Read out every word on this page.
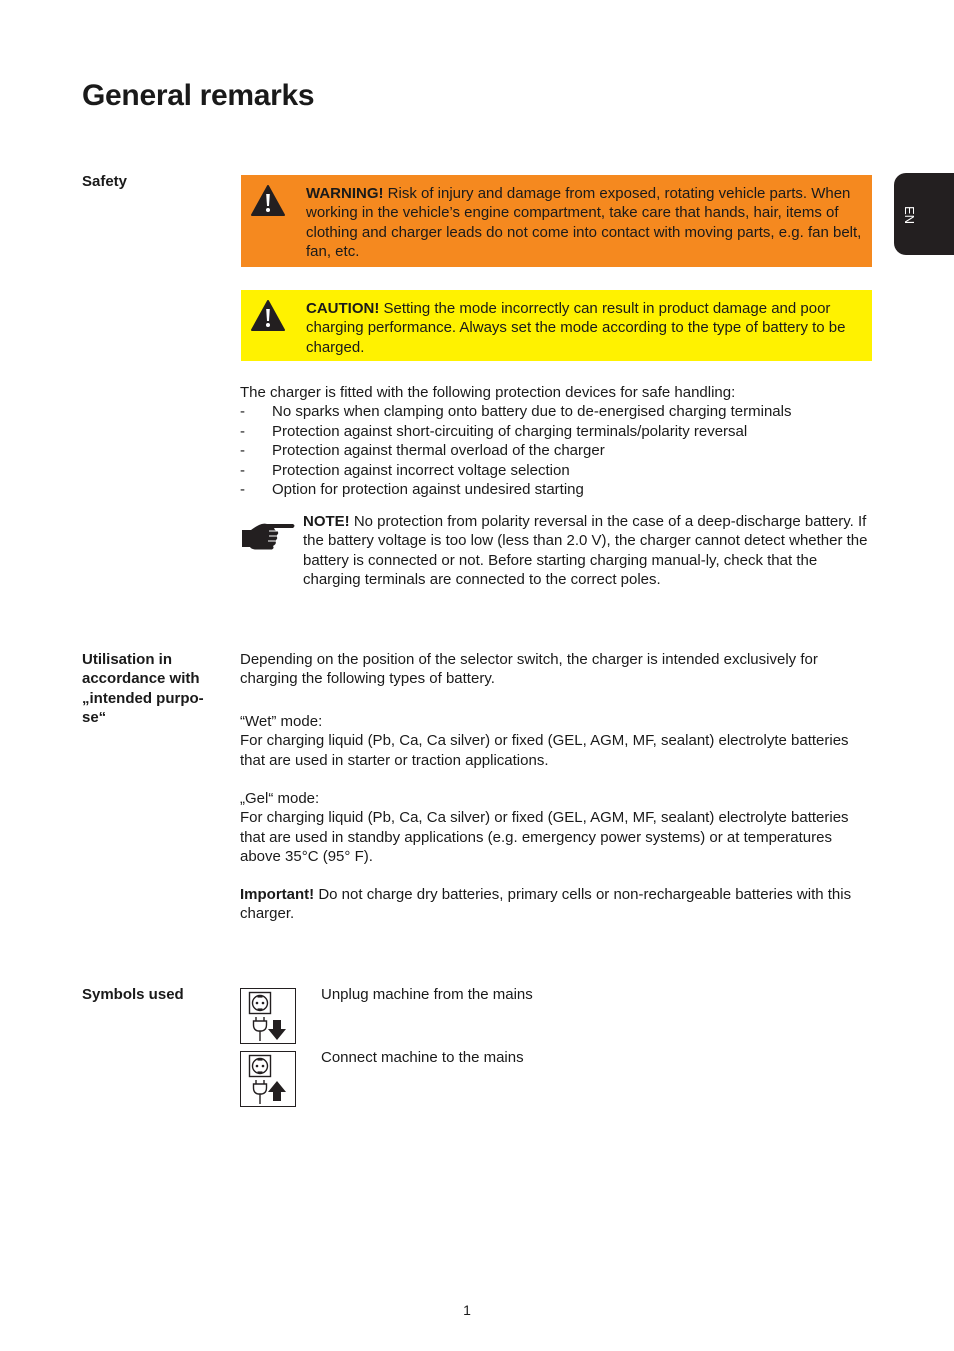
General remarks
EN

Safety

WARNING! Risk of injury and damage from exposed, rotating vehicle parts. When working in the vehicle’s engine compartment, take care that hands, hair, items of clothing and charger leads do not come into contact with moving parts, e.g. fan belt, fan, etc.
CAUTION! Setting the mode incorrectly can result in product damage and poor charging performance. Always set the mode according to the type of battery to be charged.

The charger is fitted with the following protection devices for safe handling:

- No sparks when clamping onto battery due to de-energised charging terminals
- Protection against short-circuiting of charging terminals/polarity reversal
- Protection against thermal overload of the charger
- Protection against incorrect voltage selection
- Option for protection against undesired starting

NOTE! No protection from polarity reversal in the case of a deep-discharge battery. If the battery voltage is too low (less than 2.0 V), the charger cannot detect whether the battery is connected or not. Before starting charging manual-ly, check that the charging terminals are connected to the correct poles.

Utilisation in accordance with „intended purpo-se“

Depending on the position of the selector switch, the charger is intended exclusively for charging the following types of battery.

“Wet” mode:
For charging liquid (Pb, Ca, Ca silver) or fixed (GEL, AGM, MF, sealant) electrolyte batteries that are used in starter or traction applications.
„Gel“ mode:
For charging liquid (Pb, Ca, Ca silver) or fixed (GEL, AGM, MF, sealant) electrolyte batteries that are used in standby applications (e.g. emergency power systems) or at temperatures above 35°C (95° F).

Important! Do not charge dry batteries, primary cells or non-rechargeable batteries with this charger.

Symbols used	Unplug machine from the mains

Connect machine to the mains

1
